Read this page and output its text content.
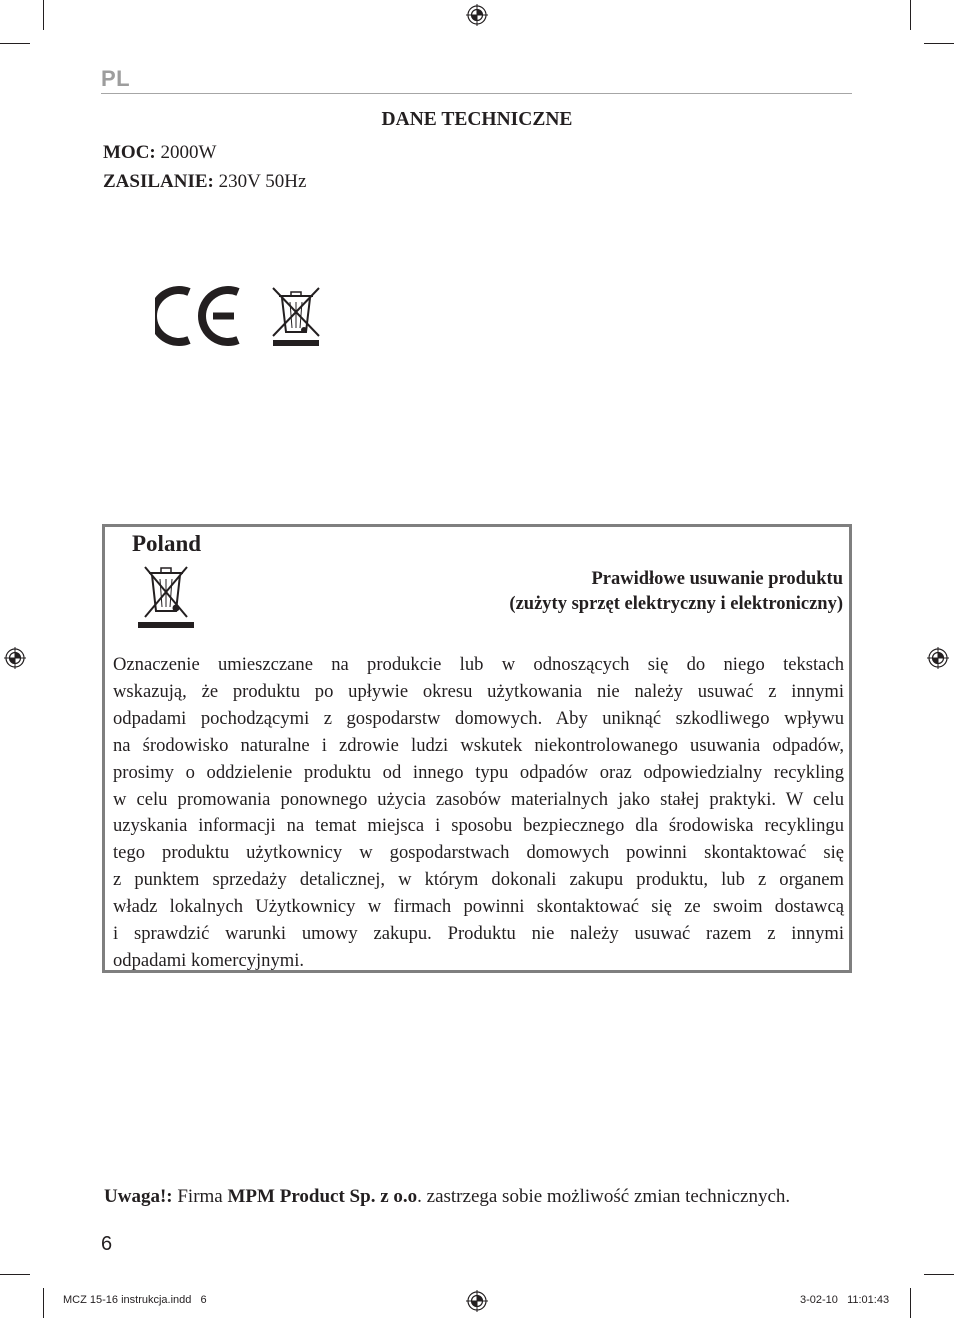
PL
DANE TECHNICZNE
MOC: 2000W
ZASILANIE: 230V 50Hz
Poland
Prawidłowe usuwanie produktu
(zużyty sprzęt elektryczny i elektroniczny)

Oznaczenie umieszczane na produkcie lub w odnoszących się do niego tekstach

wskazują, że produktu po upływie okresu użytkowania nie należy usuwać z innymi

odpadami pochodzącymi z gospodarstw domowych. Aby uniknąć szkodliwego wpływu

na środowisko naturalne i zdrowie ludzi wskutek niekontrolowanego usuwania odpadów,

prosimy o oddzielenie produktu od innego typu odpadów oraz odpowiedzialny recykling

w celu promowania ponownego użycia zasobów materialnych jako stałej praktyki. W celu

uzyskania informacji na temat miejsca i sposobu bezpiecznego dla środowiska recyklingu

tego produktu użytkownicy w gospodarstwach domowych powinni skontaktować się

z punktem sprzedaży detalicznej, w którym dokonali zakupu produktu, lub z organem

władz lokalnych Użytkownicy w firmach powinni skontaktować się ze swoim dostawcą

i sprawdzić warunki umowy zakupu. Produktu nie należy usuwać razem z innymi

odpadami komercyjnymi.

Uwaga!: Firma MPM Product Sp. z o.o. zastrzega sobie możliwość zmian technicznych.
6
MCZ 15-16 instrukcja.indd   6	3-02-10   11:01:43
